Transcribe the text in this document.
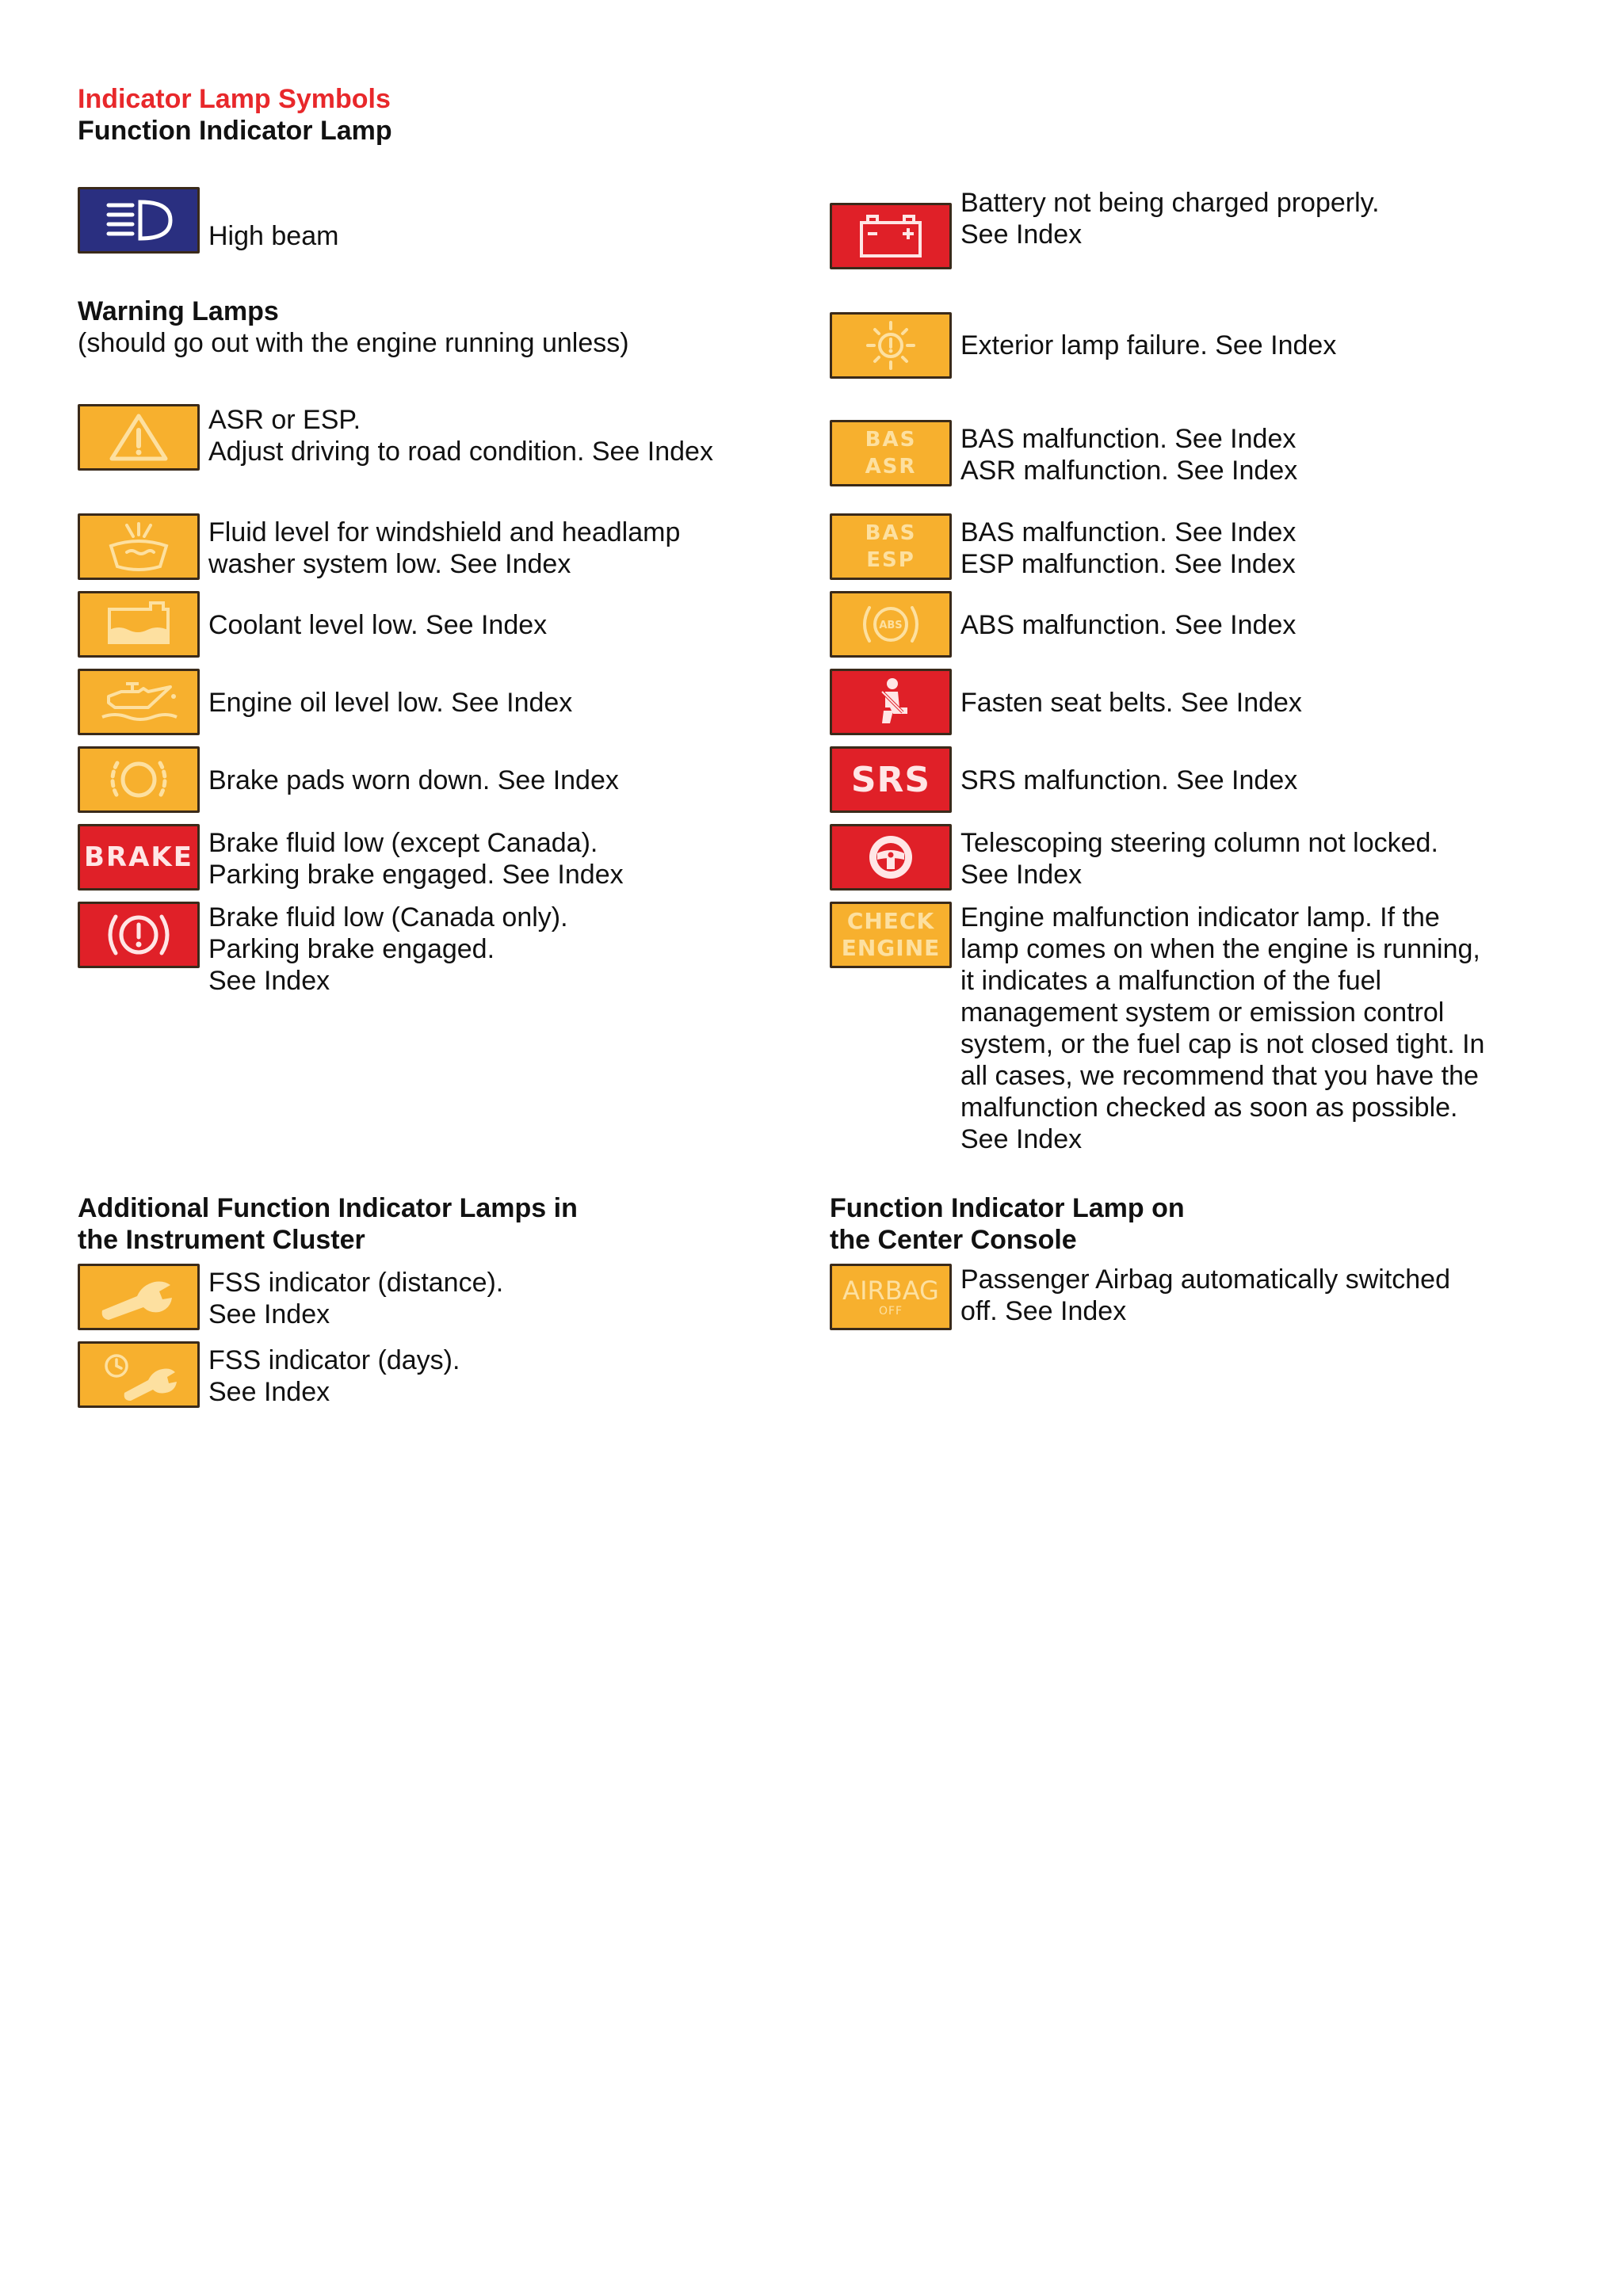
Indicator Lamp Symbols
Function Indicator Lamp
High beam
Warning Lamps
(should go out with the engine running unless)
ASR or ESP.
Adjust driving to road condition. See Index
Fluid level for windshield and headlamp
washer system low. See Index
Coolant level low. See Index
Engine oil level low. See Index
Brake pads worn down. See Index
BRAKE Brake fluid low (except Canada).
Parking brake engaged. See Index
Brake fluid low (Canada only).
Parking brake engaged.
See Index
Battery not being charged properly.
See Index
Exterior lamp failure. See Index
BAS
ASR
BAS malfunction. See Index
ASR malfunction. See Index
BAS
ESP
BAS malfunction. See Index
ESP malfunction. See Index
ABS ABS malfunction. See Index
Fasten seat belts. See Index
SRS SRS malfunction. See Index
Telescoping steering column not locked.
See Index
CHECK
ENGINE
Engine malfunction indicator lamp. If the
lamp comes on when the engine is running,
it indicates a malfunction of the fuel
management system or emission control
system, or the fuel cap is not closed tight. In
all cases, we recommend that you have the
malfunction checked as soon as possible.
See Index
Additional Function Indicator Lamps in
the Instrument Cluster
FSS indicator (distance).
See Index
FSS indicator (days).
See Index
Function Indicator Lamp on
the Center Console
AIRBAG
OFF
Passenger Airbag automatically switched
off. See Index
